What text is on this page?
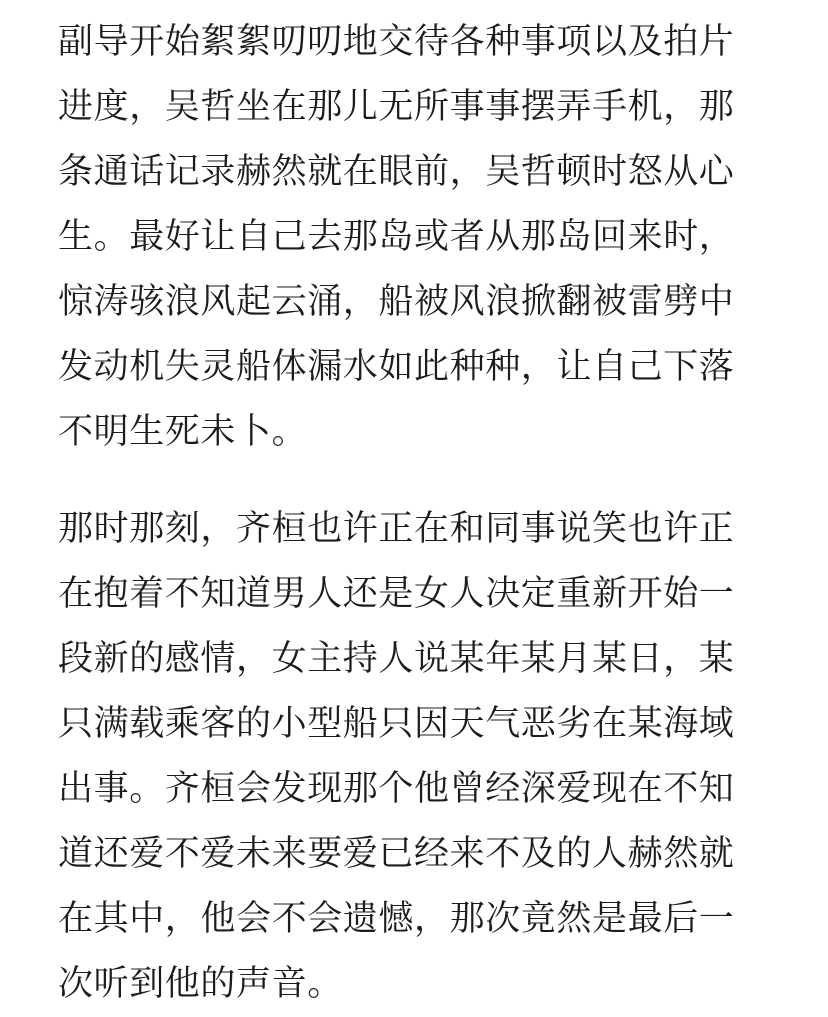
副导开始絮絮叨叨地交待各种事项以及拍片
进度，吴哲坐在那儿无所事事摆弄手机，那
条通话记录赫然就在眼前，吴哲顿时怒从心
生。最好让自己去那岛或者从那岛回来时，
惊涛骇浪风起云涌，船被风浪掀翻被雷劈中
发动机失灵船体漏水如此种种，让自己下落
不明生死未卜。
那时那刻，齐桓也许正在和同事说笑也许正
在抱着不知道男人还是女人决定重新开始一
段新的感情，女主持人说某年某月某日，某
只满载乘客的小型船只因天气恶劣在某海域
出事。齐桓会发现那个他曾经深爱现在不知
道还爱不爱未来要爱已经来不及的人赫然就
在其中，他会不会遗憾，那次竟然是最后一
次听到他的声音。
